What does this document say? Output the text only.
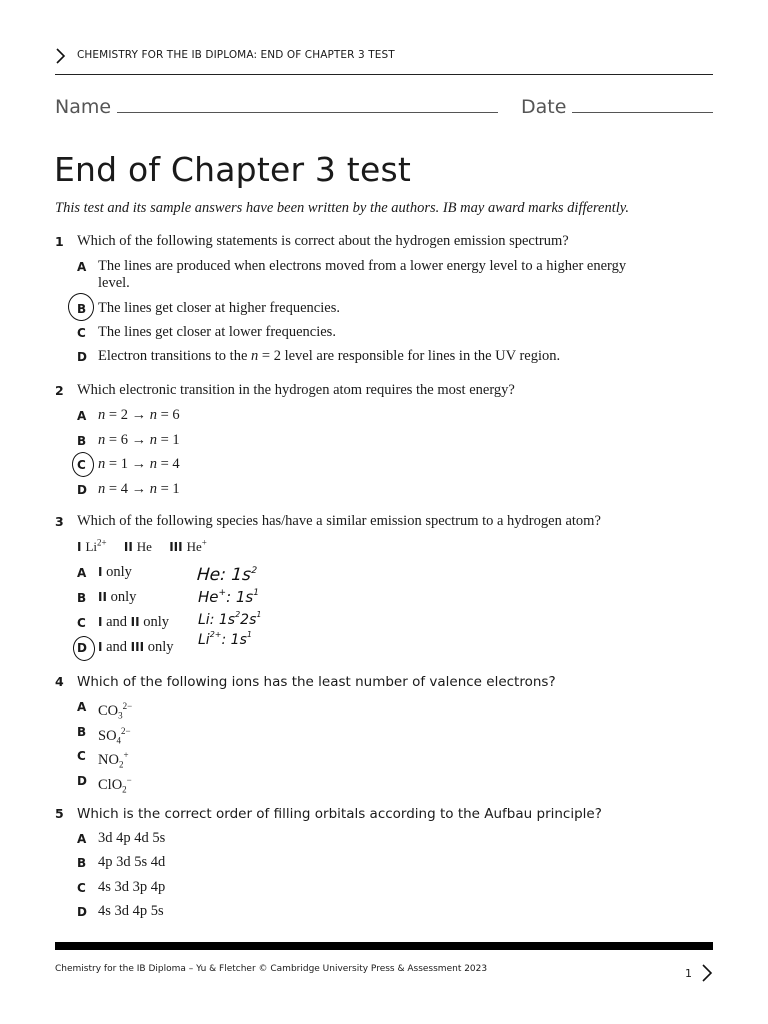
CHEMISTRY FOR THE IB DIPLOMA: END OF CHAPTER 3 TEST
Name	Date
End of Chapter 3 test
This test and its sample answers have been written by the authors. IB may award marks differently.
1 Which of the following statements is correct about the hydrogen emission spectrum?
A The lines are produced when electrons moved from a lower energy level to a higher energy level.
B The lines get closer at higher frequencies.
C The lines get closer at lower frequencies.
D Electron transitions to the n = 2 level are responsible for lines in the UV region.
2 Which electronic transition in the hydrogen atom requires the most energy?
A n = 2 → n = 6
B n = 6 → n = 1
C n = 1 → n = 4
D n = 4 → n = 1
3 Which of the following species has/have a similar emission spectrum to a hydrogen atom?
I $Li^{2+}$ II He III He+
A I only
B II only
C I and II only
D I and III only
He: $1s^2$
He+: $1s^1$
Li: $1s^22s^1$
$Li^{2+}$: $1s^1$
4 Which of the following ions has the least number of valence electrons?
A $CO_3^{2-}$
B $SO_4^{2-}$
C $NO_2^+$
D ClO$_2$−
5 Which is the correct order of filling orbitals according to the Aufbau principle?
A 3d 4p 4d 5s
B 4p 3d 5s 4d
C 4s 3d 3p 4p
D 4s 3d 4p 5s
Chemistry for the IB Diploma – Yu & Fletcher © Cambridge University Press & Assessment 2023	1
